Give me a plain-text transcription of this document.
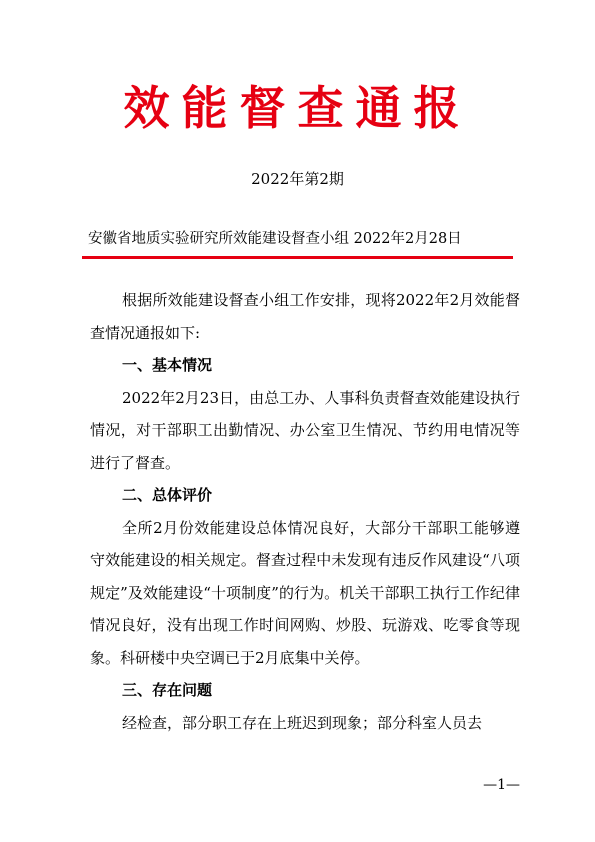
效能督查通报
2022年第2期
安徽省地质实验研究所效能建设督查小组 2022年2月28日

根据所效能建设督查小组工作安排，现将2022年2月效能督查情况通报如下:

一、基本情况

2022年2月23日，由总工办、人事科负责督查效能建设执行情况，对干部职工出勤情况、办公室卫生情况、节约用电情况等进行了督查。

二、总体评价

全所2月份效能建设总体情况良好，大部分干部职工能够遵守效能建设的相关规定。督查过程中未发现有违反作风建设“八项规定”及效能建设“十项制度”的行为。机关干部职工执行工作纪律情况良好，没有出现工作时间网购、炒股、玩游戏、吃零食等现象。科研楼中央空调已于2月底集中关停。

三、存在问题

经检查，部分职工存在上班迟到现象；部分科室人员去

—1—
